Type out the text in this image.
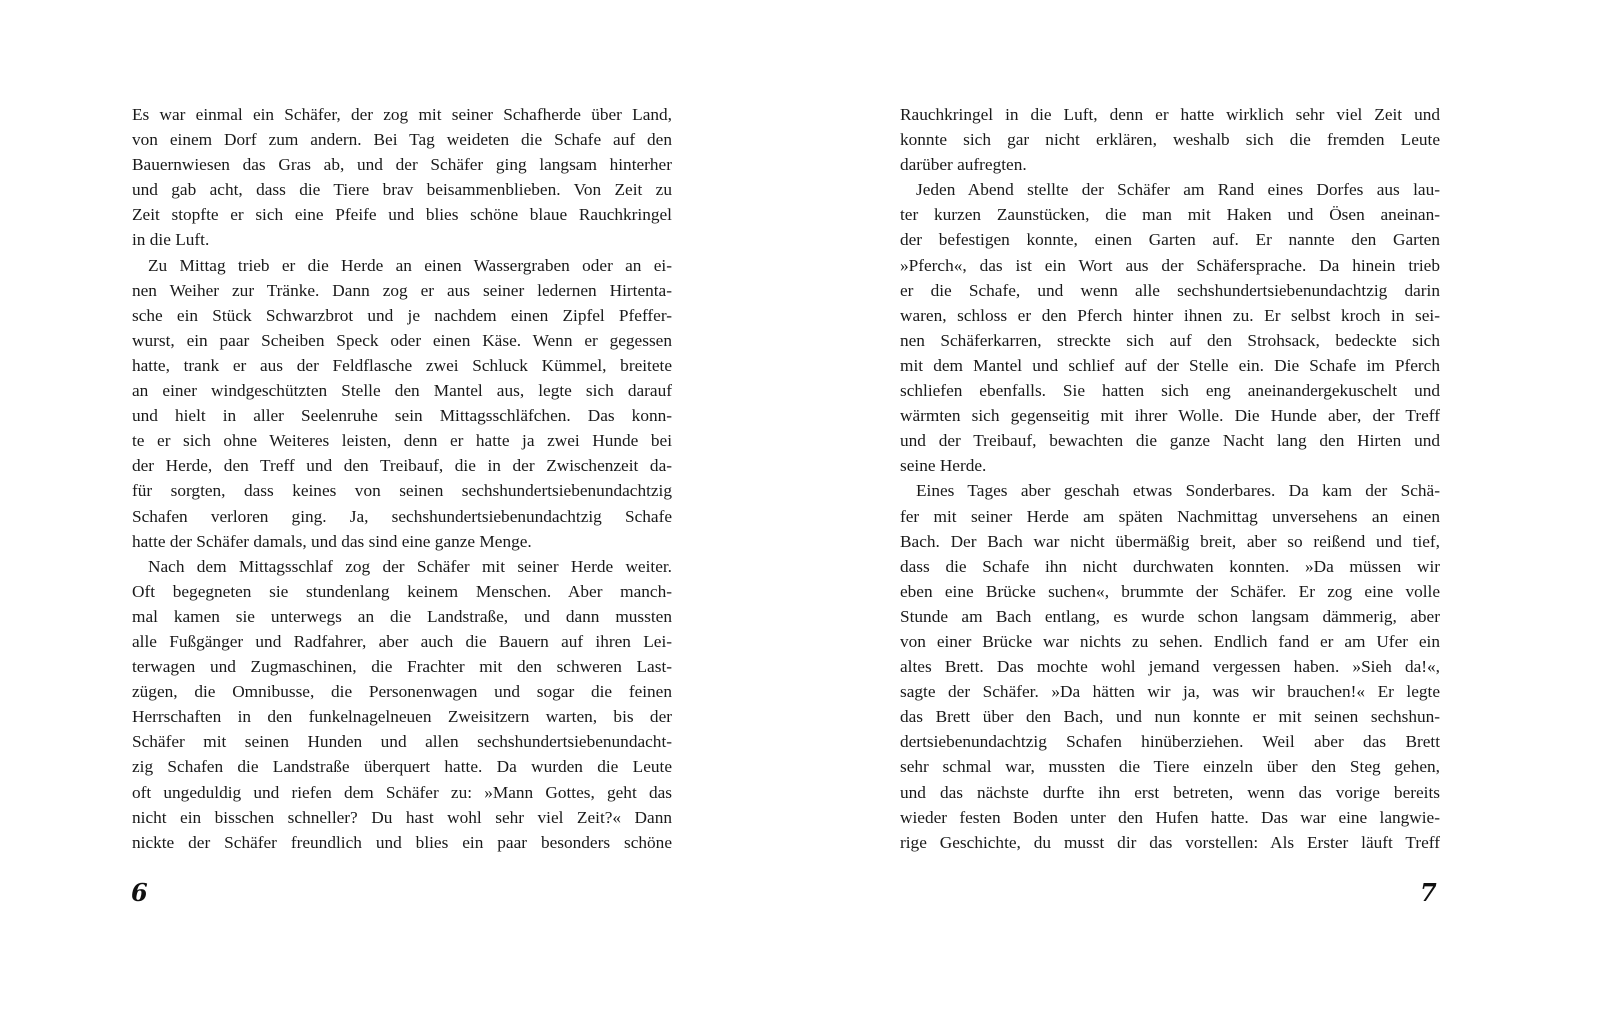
Es war einmal ein Schäfer, der zog mit seiner Schafherde über Land,
von einem Dorf zum andern. Bei Tag weideten die Schafe auf den
Bauernwiesen das Gras ab, und der Schäfer ging langsam hinterher
und gab acht, dass die Tiere brav beisammenblieben. Von Zeit zu
Zeit stopfte er sich eine Pfeife und blies schöne blaue Rauchkringel
in die Luft.
Zu Mittag trieb er die Herde an einen Wassergraben oder an ei-
nen Weiher zur Tränke. Dann zog er aus seiner ledernen Hirtenta-
sche ein Stück Schwarzbrot und je nachdem einen Zipfel Pfeffer-
wurst, ein paar Scheiben Speck oder einen Käse. Wenn er gegessen
hatte, trank er aus der Feldflasche zwei Schluck Kümmel, breitete
an einer windgeschützten Stelle den Mantel aus, legte sich darauf
und hielt in aller Seelenruhe sein Mittagsschläfchen. Das konn-
te er sich ohne Weiteres leisten, denn er hatte ja zwei Hunde bei
der Herde, den Treff und den Treibauf, die in der Zwischenzeit da-
für sorgten, dass keines von seinen sechshundertsiebenundachtzig
Schafen verloren ging. Ja, sechshundertsiebenundachtzig Schafe
hatte der Schäfer damals, und das sind eine ganze Menge.
Nach dem Mittagsschlaf zog der Schäfer mit seiner Herde weiter.
Oft begegneten sie stundenlang keinem Menschen. Aber manch-
mal kamen sie unterwegs an die Landstraße, und dann mussten
alle Fußgänger und Radfahrer, aber auch die Bauern auf ihren Lei-
terwagen und Zugmaschinen, die Frachter mit den schweren Last-
zügen, die Omnibusse, die Personenwagen und sogar die feinen
Herrschaften in den funkelnagelneuen Zweisitzern warten, bis der
Schäfer mit seinen Hunden und allen sechshundertsiebenundacht-
zig Schafen die Landstraße überquert hatte. Da wurden die Leute
oft ungeduldig und riefen dem Schäfer zu: »Mann Gottes, geht das
nicht ein bisschen schneller? Du hast wohl sehr viel Zeit?« Dann
nickte der Schäfer freundlich und blies ein paar besonders schöne
6
Rauchkringel in die Luft, denn er hatte wirklich sehr viel Zeit und
konnte sich gar nicht erklären, weshalb sich die fremden Leute
darüber aufregten.
Jeden Abend stellte der Schäfer am Rand eines Dorfes aus lau-
ter kurzen Zaunstücken, die man mit Haken und Ösen aneinan-
der befestigen konnte, einen Garten auf. Er nannte den Garten
»Pferch«, das ist ein Wort aus der Schäfersprache. Da hinein trieb
er die Schafe, und wenn alle sechshundertsiebenundachtzig darin
waren, schloss er den Pferch hinter ihnen zu. Er selbst kroch in sei-
nen Schäferkarren, streckte sich auf den Strohsack, bedeckte sich
mit dem Mantel und schlief auf der Stelle ein. Die Schafe im Pferch
schliefen ebenfalls. Sie hatten sich eng aneinandergekuschelt und
wärmten sich gegenseitig mit ihrer Wolle. Die Hunde aber, der Treff
und der Treibauf, bewachten die ganze Nacht lang den Hirten und
seine Herde.
Eines Tages aber geschah etwas Sonderbares. Da kam der Schä-
fer mit seiner Herde am späten Nachmittag unversehens an einen
Bach. Der Bach war nicht übermäßig breit, aber so reißend und tief,
dass die Schafe ihn nicht durchwaten konnten. »Da müssen wir
eben eine Brücke suchen«, brummte der Schäfer. Er zog eine volle
Stunde am Bach entlang, es wurde schon langsam dämmerig, aber
von einer Brücke war nichts zu sehen. Endlich fand er am Ufer ein
altes Brett. Das mochte wohl jemand vergessen haben. »Sieh da!«,
sagte der Schäfer. »Da hätten wir ja, was wir brauchen!« Er legte
das Brett über den Bach, und nun konnte er mit seinen sechshun-
dertsiebenundachtzig Schafen hinüberziehen. Weil aber das Brett
sehr schmal war, mussten die Tiere einzeln über den Steg gehen,
und das nächste durfte ihn erst betreten, wenn das vorige bereits
wieder festen Boden unter den Hufen hatte. Das war eine langwie-
rige Geschichte, du musst dir das vorstellen: Als Erster läuft Treff
7
